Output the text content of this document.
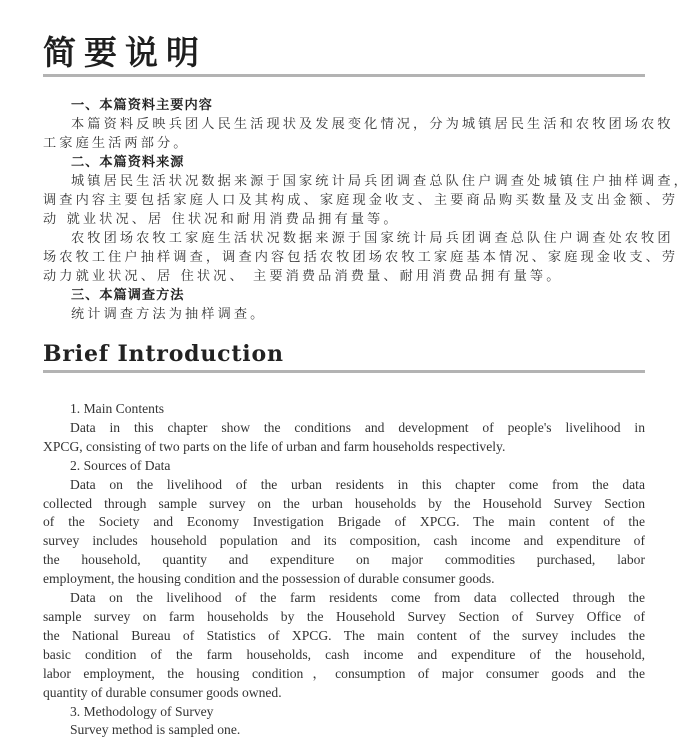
简要说明
一、本篇资料主要内容
本篇资料反映兵团人民生活现状及发展变化情况，分为城镇居民生活和农牧团场农牧
工家庭生活两部分。
二、本篇资料来源
城镇居民生活状况数据来源于国家统计局兵团调查总队住户调查处城镇住户抽样调查，
调查内容主要包括家庭人口及其构成、家庭现金收支、主要商品购买数量及支出金额、劳
动 就业状况、居 住状况和耐用消费品拥有量等。
农牧团场农牧工家庭生活状况数据来源于国家统计局兵团调查总队住户调查处农牧团
场农牧工住户抽样调查，调查内容包括农牧团场农牧工家庭基本情况、家庭现金收支、劳
动力就业状况、居 住状况、 主要消费品消费量、耐用消费品拥有量等。
三、本篇调查方法
统计调查方法为抽样调查。
Brief Introduction
1. Main Contents
Data in this chapter show the conditions and development of people's livelihood in
XPCG, consisting of two parts on the life of urban and farm households respectively.
2. Sources of Data
Data on the livelihood of the urban residents in this chapter come from the data
collected through sample survey on the urban households by the Household Survey Section
of the Society and Economy Investigation Brigade of XPCG. The main content of the
survey includes household population and its composition, cash income and expenditure of
the household, quantity and expenditure on major commodities purchased, labor
employment, the housing condition and the possession of durable consumer goods.
Data on the livelihood of the farm residents come from data collected through the
sample survey on farm households by the Household Survey Section of Survey Office of
the National Bureau of Statistics of XPCG. The main content of the survey includes the
basic condition of the farm households, cash income and expenditure of the household,
labor employment, the housing condition，consumption of major consumer goods and the
quantity of durable consumer goods owned.
3. Methodology of Survey
Survey method is sampled one.
